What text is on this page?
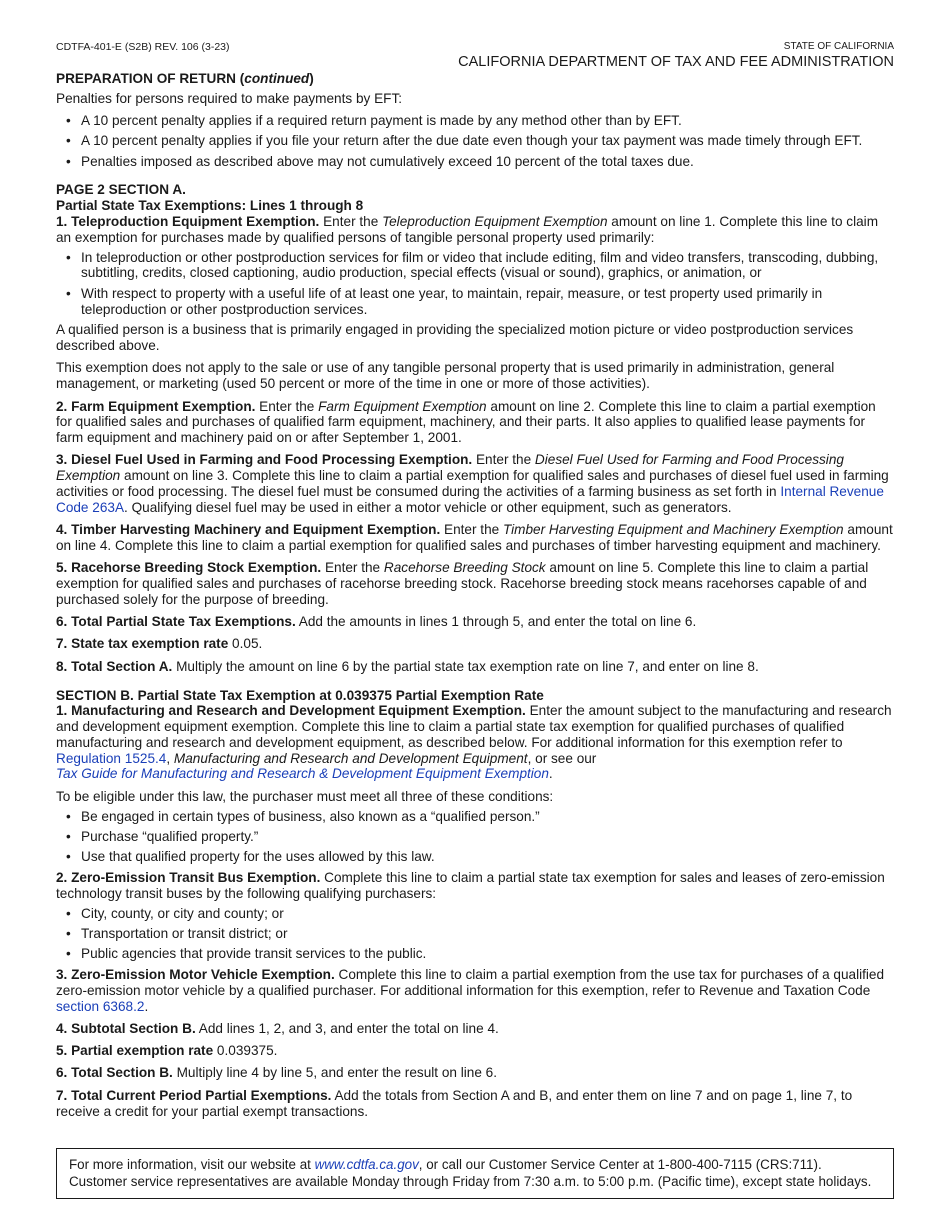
CDTFA-401-E (S2B) REV. 106 (3-23)	STATE OF CALIFORNIA
CALIFORNIA DEPARTMENT OF TAX AND FEE ADMINISTRATION

PREPARATION OF RETURN (continued)

Penalties for persons required to make payments by EFT:

• A 10 percent penalty applies if a required return payment is made by any method other than by EFT.
• A 10 percent penalty applies if you file your return after the due date even though your tax payment was made timely through EFT.
• Penalties imposed as described above may not cumulatively exceed 10 percent of the total taxes due.

PAGE 2 SECTION A.

Partial State Tax Exemptions: Lines 1 through 8

1. Teleproduction Equipment Exemption. Enter the Teleproduction Equipment Exemption amount on line 1. Complete this line to claim an exemption for purchases made by qualified persons of tangible personal property used primarily:

• In teleproduction or other postproduction services for film or video that include editing, film and video transfers, transcoding, dubbing, subtitling, credits, closed captioning, audio production, special effects (visual or sound), graphics, or animation, or
• With respect to property with a useful life of at least one year, to maintain, repair, measure, or test property used primarily in teleproduction or other postproduction services.

A qualified person is a business that is primarily engaged in providing the specialized motion picture or video postproduction services described above.

This exemption does not apply to the sale or use of any tangible personal property that is used primarily in administration, general management, or marketing (used 50 percent or more of the time in one or more of those activities).

2. Farm Equipment Exemption. Enter the Farm Equipment Exemption amount on line 2. Complete this line to claim a partial exemption for qualified sales and purchases of qualified farm equipment, machinery, and their parts. It also applies to qualified lease payments for farm equipment and machinery paid on or after September 1, 2001.

3. Diesel Fuel Used in Farming and Food Processing Exemption. Enter the Diesel Fuel Used for Farming and Food Processing Exemption amount on line 3. Complete this line to claim a partial exemption for qualified sales and purchases of diesel fuel used in farming activities or food processing. The diesel fuel must be consumed during the activities of a farming business as set forth in Internal Revenue Code 263A. Qualifying diesel fuel may be used in either a motor vehicle or other equipment, such as generators.

4. Timber Harvesting Machinery and Equipment Exemption. Enter the Timber Harvesting Equipment and Machinery Exemption amount on line 4. Complete this line to claim a partial exemption for qualified sales and purchases of timber harvesting equipment and machinery.

5. Racehorse Breeding Stock Exemption. Enter the Racehorse Breeding Stock amount on line 5. Complete this line to claim a partial exemption for qualified sales and purchases of racehorse breeding stock. Racehorse breeding stock means racehorses capable of and purchased solely for the purpose of breeding.

6. Total Partial State Tax Exemptions. Add the amounts in lines 1 through 5, and enter the total on line 6.

7. State tax exemption rate 0.05.

8. Total Section A. Multiply the amount on line 6 by the partial state tax exemption rate on line 7, and enter on line 8.

SECTION B. Partial State Tax Exemption at 0.039375 Partial Exemption Rate

1. Manufacturing and Research and Development Equipment Exemption. Enter the amount subject to the manufacturing and research and development equipment exemption. Complete this line to claim a partial state tax exemption for qualified purchases of qualified manufacturing and research and development equipment, as described below. For additional information for this exemption refer to Regulation 1525.4, Manufacturing and Research and Development Equipment, or see our
Tax Guide for Manufacturing and Research & Development Equipment Exemption.

To be eligible under this law, the purchaser must meet all three of these conditions:

• Be engaged in certain types of business, also known as a “qualified person.”
• Purchase “qualified property.”
• Use that qualified property for the uses allowed by this law.

2. Zero-Emission Transit Bus Exemption. Complete this line to claim a partial state tax exemption for sales and leases of zero-emission technology transit buses by the following qualifying purchasers:

• City, county, or city and county; or
• Transportation or transit district; or
• Public agencies that provide transit services to the public.

3. Zero-Emission Motor Vehicle Exemption. Complete this line to claim a partial exemption from the use tax for purchases of a qualified zero-emission motor vehicle by a qualified purchaser. For additional information for this exemption, refer to Revenue and Taxation Code section 6368.2.

4. Subtotal Section B. Add lines 1, 2, and 3, and enter the total on line 4.

5. Partial exemption rate 0.039375.

6. Total Section B. Multiply line 4 by line 5, and enter the result on line 6.

7. Total Current Period Partial Exemptions. Add the totals from Section A and B, and enter them on line 7 and on page 1, line 7, to receive a credit for your partial exempt transactions.

For more information, visit our website at www.cdtfa.ca.gov, or call our Customer Service Center at 1-800-400-7115 (CRS:711).
Customer service representatives are available Monday through Friday from 7:30 a.m. to 5:00 p.m. (Pacific time), except state holidays.
